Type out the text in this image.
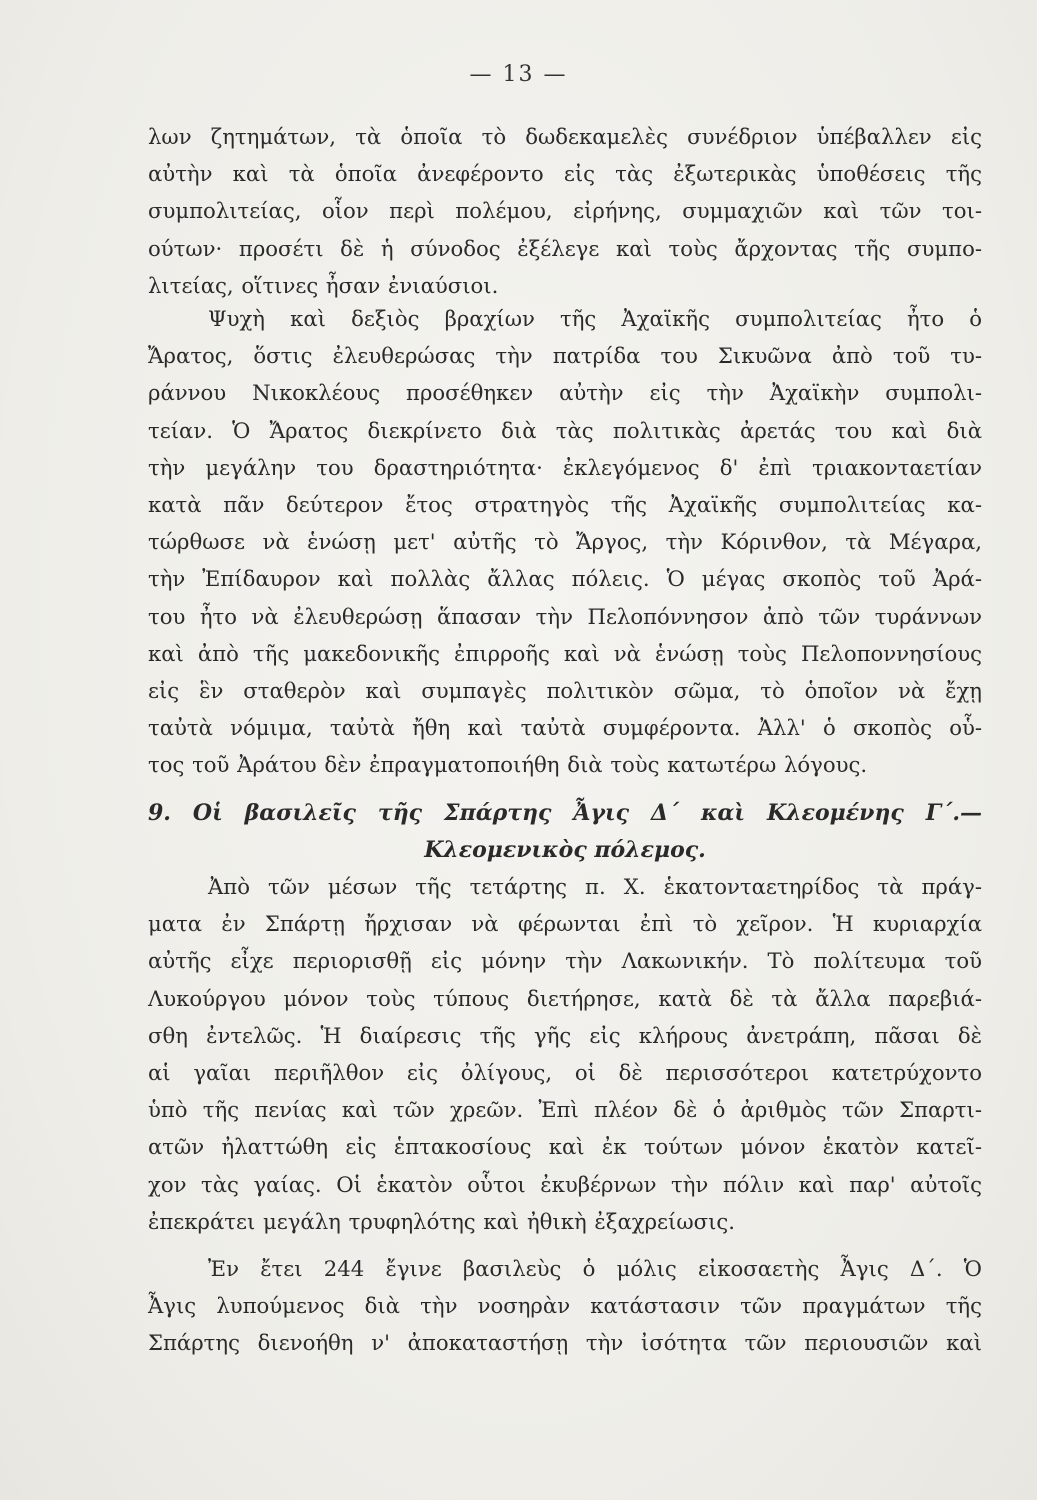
— 13 —
λων ζητημάτων, τὰ ὁποῖα τὸ δωδεκαμελὲς συνέδριον ὑπέβαλλεν εἰς
αὐτὴν καὶ τὰ ὁποῖα ἀνεφέροντο εἰς τὰς ἐξωτερικὰς ὑποθέσεις τῆς
συμπολιτείας, οἷον περὶ πολέμου, εἰρήνης, συμμαχιῶν καὶ τῶν τοι-
ούτων· προσέτι δὲ ἡ σύνοδος ἐξέλεγε καὶ τοὺς ἄρχοντας τῆς συμπο-
λιτείας, οἵτινες ἦσαν ἐνιαύσιοι.
Ψυχὴ καὶ δεξιὸς βραχίων τῆς Ἀχαϊκῆς συμπολιτείας ἦτο ὁ
Ἄρατος, ὅστις ἐλευθερώσας τὴν πατρίδα του Σικυῶνα ἀπὸ τοῦ τυ-
ράννου Νικοκλέους προσέθηκεν αὐτὴν εἰς τὴν Ἀχαϊκὴν συμπολι-
τείαν. Ὁ Ἄρατος διεκρίνετο διὰ τὰς πολιτικὰς ἀρετάς του καὶ διὰ
τὴν μεγάλην του δραστηριότητα· ἐκλεγόμενος δ' ἐπὶ τριακονταετίαν
κατὰ πᾶν δεύτερον ἔτος στρατηγὸς τῆς Ἀχαϊκῆς συμπολιτείας κα-
τώρθωσε νὰ ἑνώσῃ μετ' αὐτῆς τὸ Ἄργος, τὴν Κόρινθον, τὰ Μέγαρα,
τὴν Ἐπίδαυρον καὶ πολλὰς ἄλλας πόλεις. Ὁ μέγας σκοπὸς τοῦ Ἀρά-
του ἦτο νὰ ἐλευθερώσῃ ἅπασαν τὴν Πελοπόννησον ἀπὸ τῶν τυράννων
καὶ ἀπὸ τῆς μακεδονικῆς ἐπιρροῆς καὶ νὰ ἑνώσῃ τοὺς Πελοποννησίους
εἰς ἓν σταθερὸν καὶ συμπαγὲς πολιτικὸν σῶμα, τὸ ὁποῖον νὰ ἔχῃ
ταὐτὰ νόμιμα, ταὐτὰ ἤθη καὶ ταὐτὰ συμφέροντα. Ἀλλ' ὁ σκοπὸς οὗ-
τος τοῦ Ἀράτου δὲν ἐπραγματοποιήθη διὰ τοὺς κατωτέρω λόγους.
9. Οἱ βασιλεῖς τῆς Σπάρτης Ἆγις Δ΄ καὶ Κλεομένης Γ΄.—
Κλεομενικὸς πόλεμος.
Ἀπὸ τῶν μέσων τῆς τετάρτης π. Χ. ἑκατονταετηρίδος τὰ πράγ-
ματα ἐν Σπάρτῃ ἤρχισαν νὰ φέρωνται ἐπὶ τὸ χεῖρον. Ἡ κυριαρχία
αὐτῆς εἶχε περιορισθῇ εἰς μόνην τὴν Λακωνικήν. Τὸ πολίτευμα τοῦ
Λυκούργου μόνον τοὺς τύπους διετήρησε, κατὰ δὲ τὰ ἄλλα παρεβιά-
σθη ἐντελῶς. Ἡ διαίρεσις τῆς γῆς εἰς κλήρους ἀνετράπη, πᾶσαι δὲ
αἱ γαῖαι περιῆλθον εἰς ὀλίγους, οἱ δὲ περισσότεροι κατετρύχοντο
ὑπὸ τῆς πενίας καὶ τῶν χρεῶν. Ἐπὶ πλέον δὲ ὁ ἀριθμὸς τῶν Σπαρτι-
ατῶν ἠλαττώθη εἰς ἑπτακοσίους καὶ ἐκ τούτων μόνον ἑκατὸν κατεῖ-
χον τὰς γαίας. Οἱ ἑκατὸν οὗτοι ἐκυβέρνων τὴν πόλιν καὶ παρ' αὐτοῖς
ἐπεκράτει μεγάλη τρυφηλότης καὶ ἠθικὴ ἐξαχρείωσις.
Ἐν ἔτει 244 ἔγινε βασιλεὺς ὁ μόλις εἰκοσαετὴς Ἆγις Δ΄. Ὁ
Ἆγις λυπούμενος διὰ τὴν νοσηρὰν κατάστασιν τῶν πραγμάτων τῆς
Σπάρτης διενοήθη ν' ἀποκαταστήσῃ τὴν ἰσότητα τῶν περιουσιῶν καὶ
